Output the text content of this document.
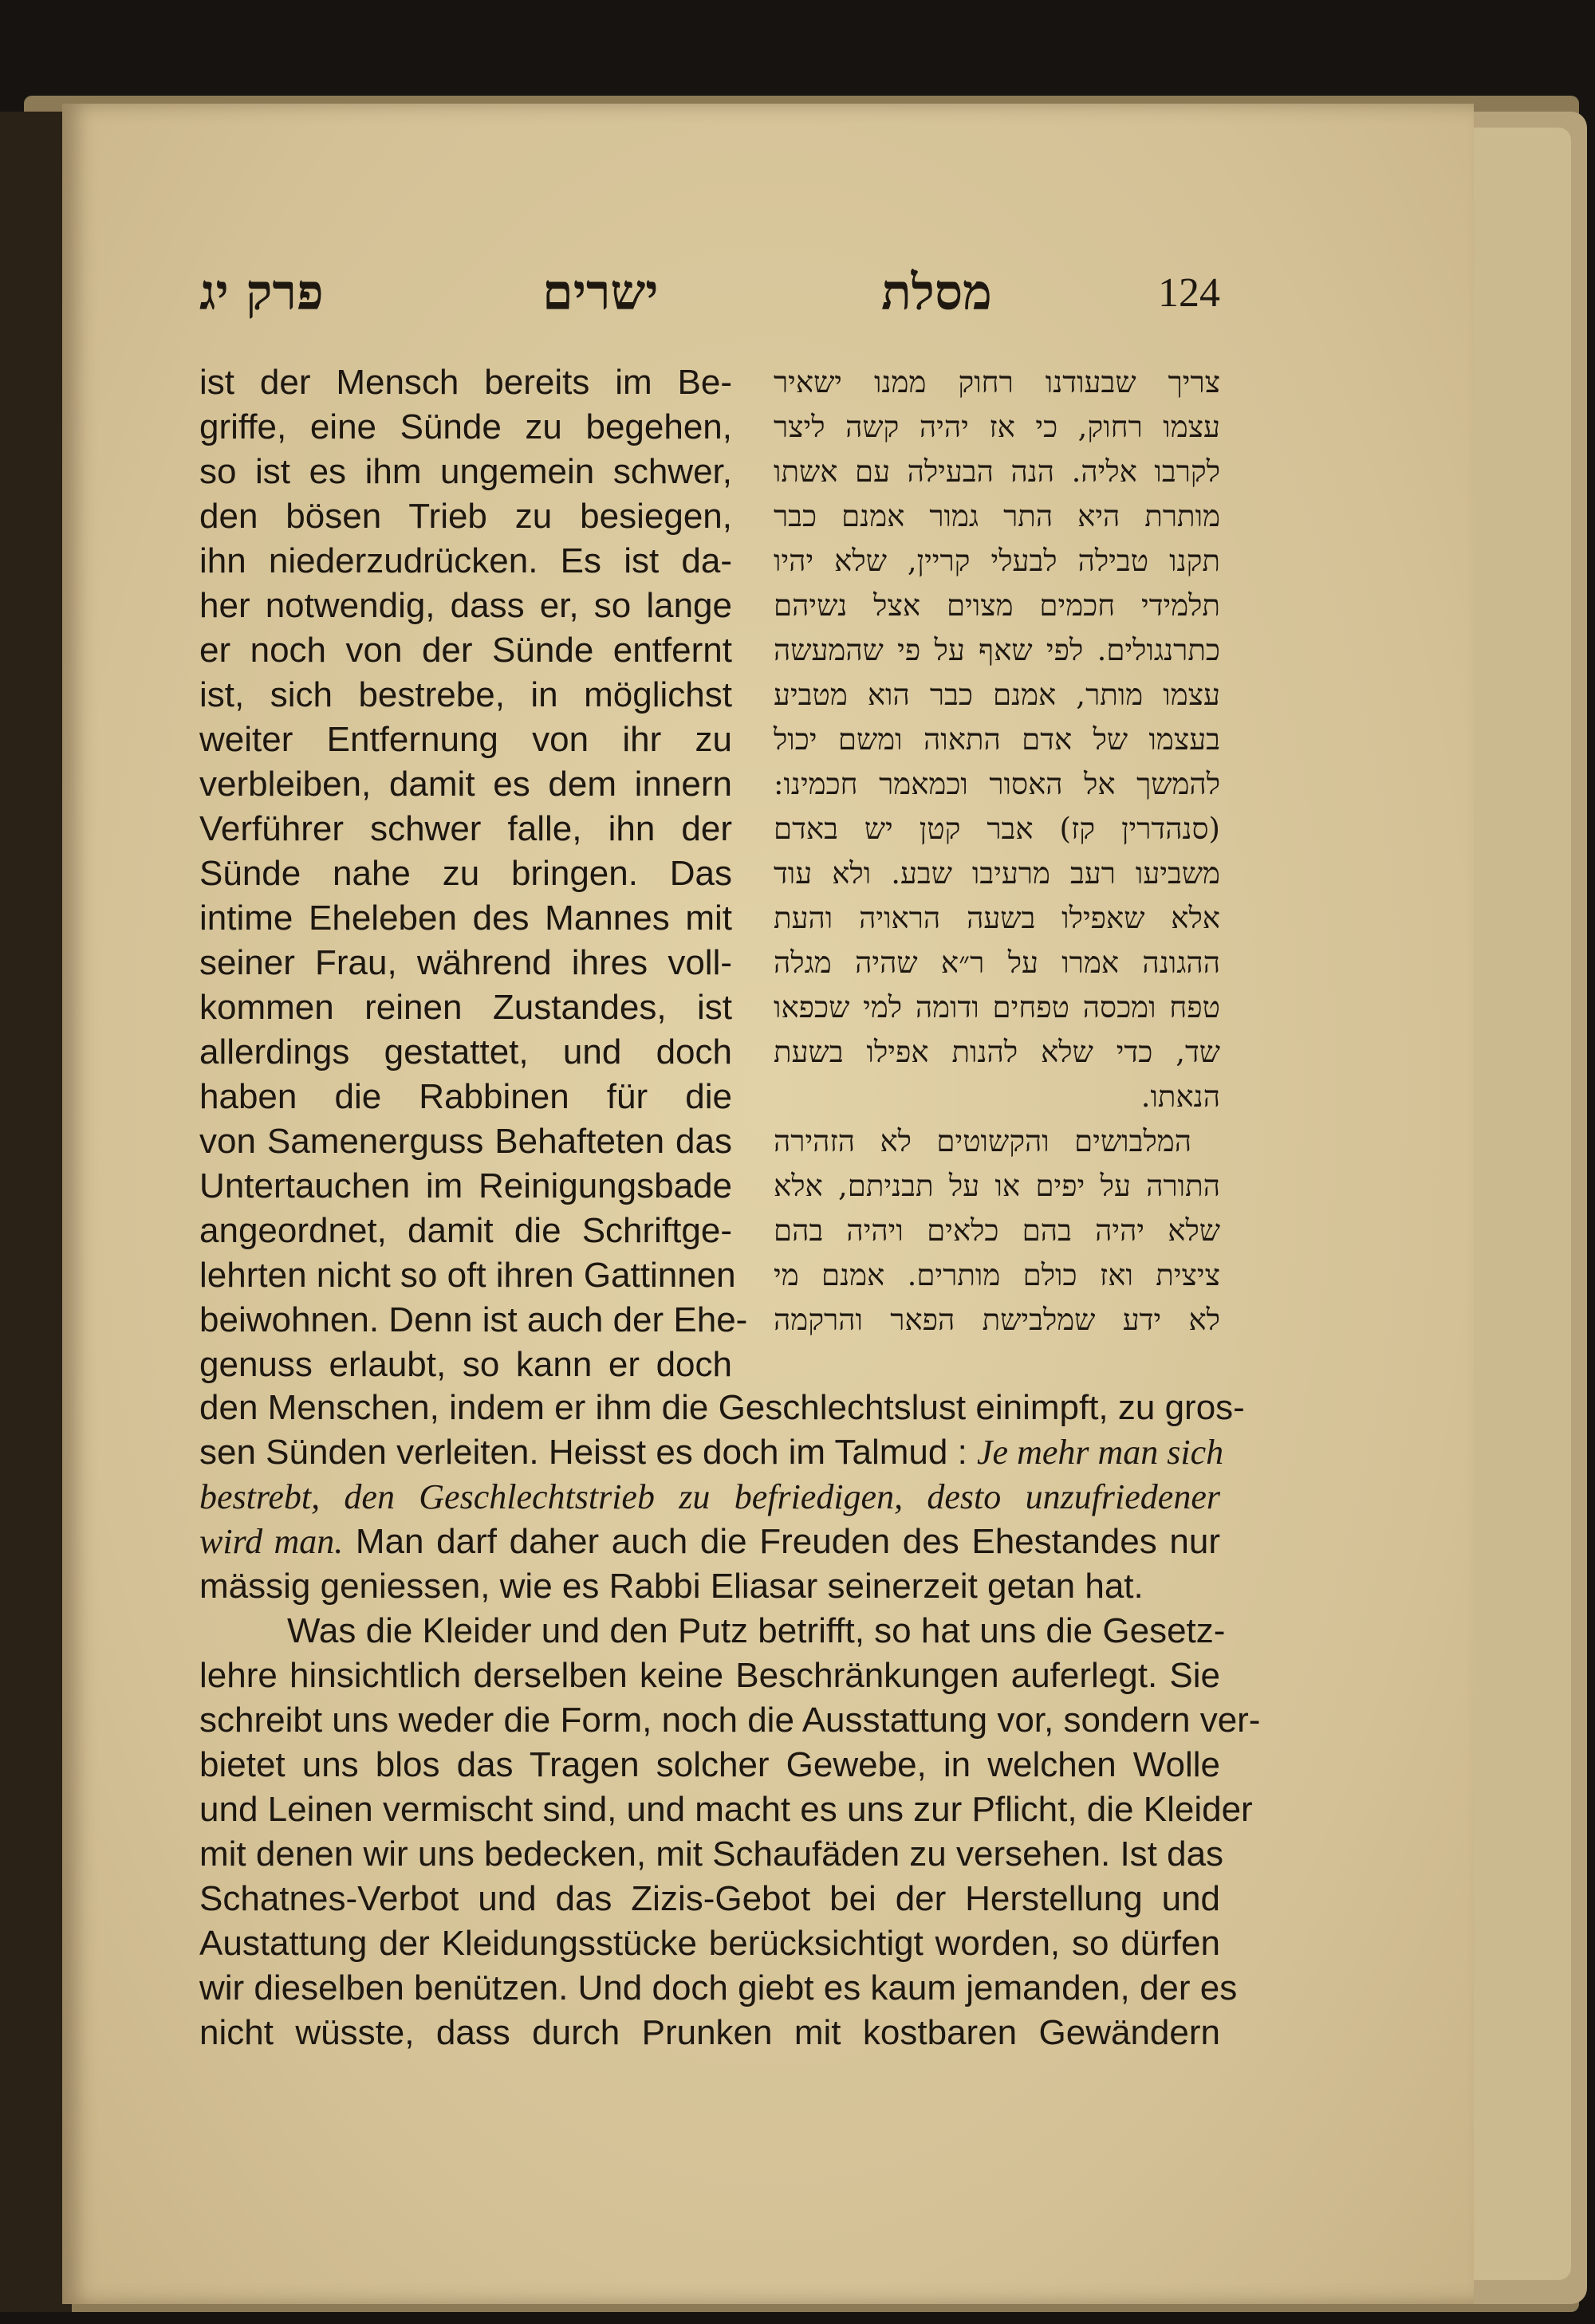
פרק יג	ישרים	מסלת	124
ist der Mensch bereits im Be-
griffe, eine Sünde zu begehen,
so ist es ihm ungemein schwer,
den bösen Trieb zu besiegen,
ihn niederzudrücken. Es ist da-
her notwendig, dass er, so lange
er noch von der Sünde entfernt
ist, sich bestrebe, in möglichst
weiter Entfernung von ihr zu
verbleiben, damit es dem innern
Verführer schwer falle, ihn der
Sünde nahe zu bringen. Das
intime Eheleben des Mannes mit
seiner Frau, während ihres voll-
kommen reinen Zustandes, ist
allerdings gestattet, und doch
haben die Rabbinen für die
von Samenerguss Behafteten das
Untertauchen im Reinigungsbade
angeordnet, damit die Schriftge-
lehrten nicht so oft ihren Gattinnen
beiwohnen. Denn ist auch der Ehe-
genuss erlaubt, so kann er doch
צריך שבעודנו רחוק ממנו ישאיר
עצמו רחוק, כי אז יהיה קשה ליצר
לקרבו אליה. הנה הבעילה עם אשתו
מותרת היא התר גמור אמנם כבר
תקנו טבילה לבעלי קריין, שלא יהיו
תלמידי חכמים מצוים אצל נשיהם
כתרנגולים. לפי שאף על פי שהמעשה
עצמו מותר, אמנם כבר הוא מטביע
בעצמו של אדם התאוה ומשם יכול
להמשך אל האסור וכמאמר חכמינו:
(סנהדרין קז) אבר קטן יש באדם
משביעו רעב מרעיבו שבע. ולא עוד
אלא שאפילו בשעה הראויה והעת
ההגונה אמרו על ר״א שהיה מגלה
טפח ומכסה טפחים ודומה למי שכפאו
שד, כדי שלא להנות אפילו בשעת
הנאתו.
המלבושים והקשוטים לא הזהירה
התורה על יפים או על תבניתם, אלא
שלא יהיה בהם כלאים ויהיה בהם
ציצית ואז כולם מותרים. אמנם מי
לא ידע שמלבישת הפאר והרקמה
den Menschen, indem er ihm die Geschlechtslust einimpft, zu gros-
sen Sünden verleiten. Heisst es doch im Talmud : Je mehr man sich
bestrebt, den Geschlechtstrieb zu befriedigen, desto unzufriedener
wird man. Man darf daher auch die Freuden des Ehestandes nur
mässig geniessen, wie es Rabbi Eliasar seinerzeit getan hat.
Was die Kleider und den Putz betrifft, so hat uns die Gesetz-
lehre hinsichtlich derselben keine Beschränkungen auferlegt. Sie
schreibt uns weder die Form, noch die Ausstattung vor, sondern ver-
bietet uns blos das Tragen solcher Gewebe, in welchen Wolle
und Leinen vermischt sind, und macht es uns zur Pflicht, die Kleider
mit denen wir uns bedecken, mit Schaufäden zu versehen. Ist das
Schatnes-Verbot und das Zizis-Gebot bei der Herstellung und
Austattung der Kleidungsstücke berücksichtigt worden, so dürfen
wir dieselben benützen. Und doch giebt es kaum jemanden, der es
nicht wüsste, dass durch Prunken mit kostbaren Gewändern
